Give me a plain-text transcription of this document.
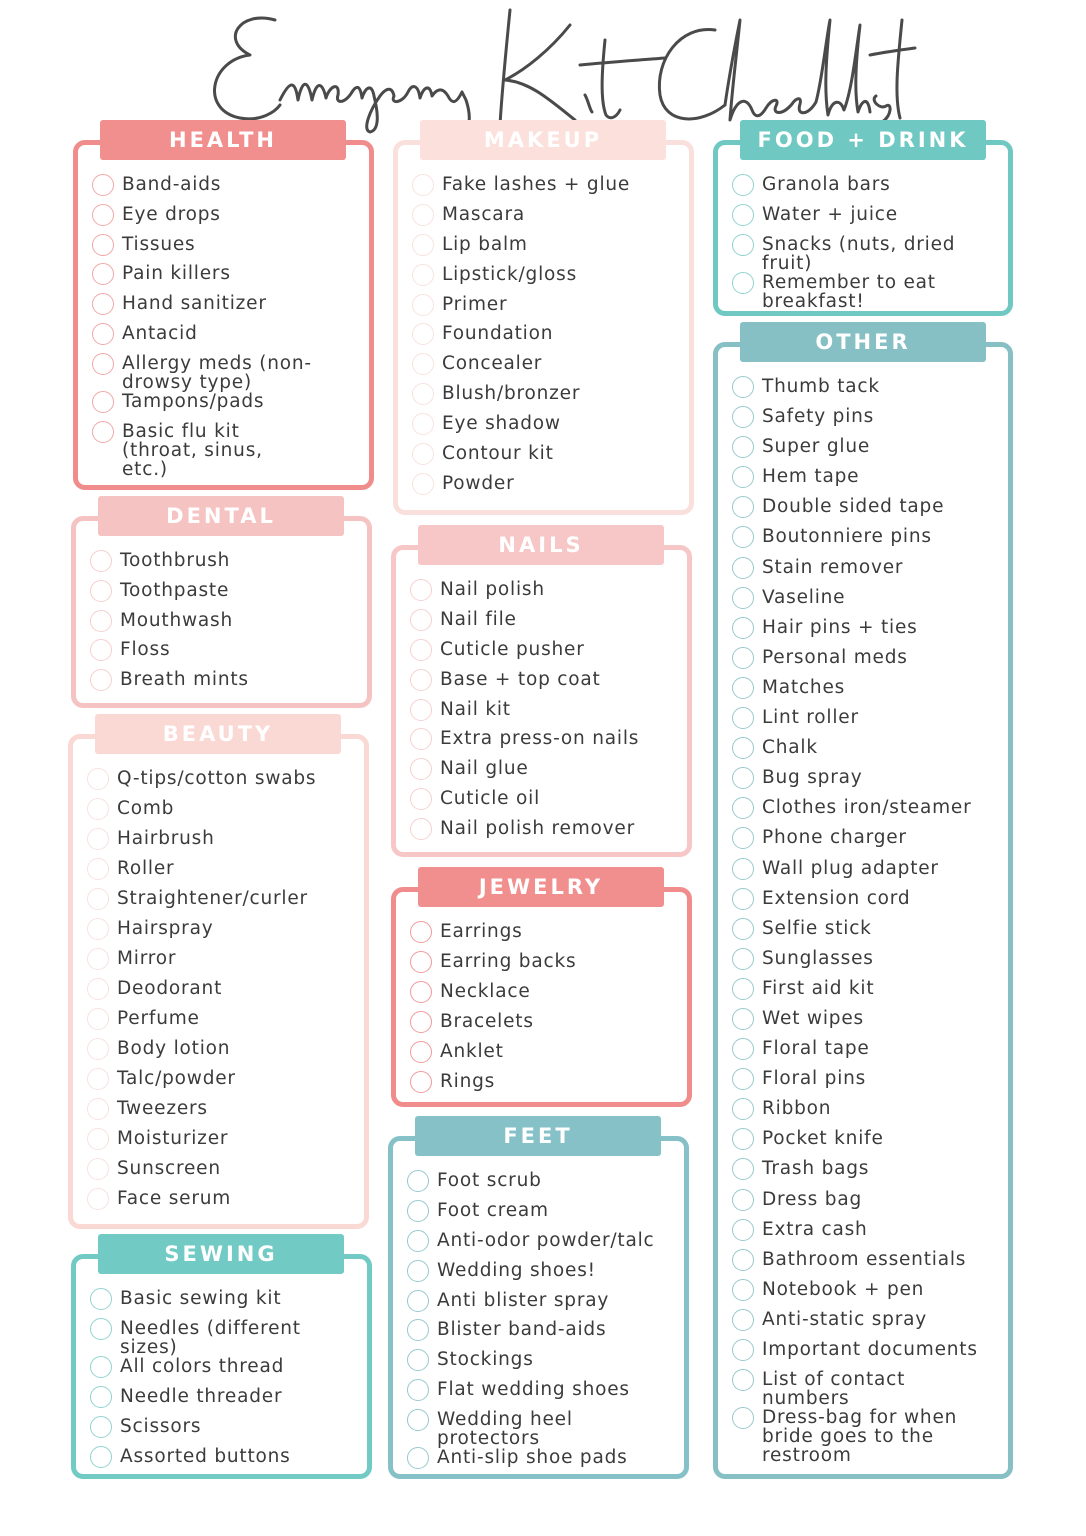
HEALTH
Band-aids
Eye drops
Tissues
Pain killers
Hand sanitizer
Antacid
Allergy meds (non-drowsy type)
Tampons/pads
Basic flu kit (throat, sinus, etc.)
MAKEUP
Fake lashes + glue
Mascara
Lip balm
Lipstick/gloss
Primer
Foundation
Concealer
Blush/bronzer
Eye shadow
Contour kit
Powder
FOOD + DRINK
Granola bars
Water + juice
Snacks (nuts, dried fruit)
Remember to eat breakfast!
DENTAL
Toothbrush
Toothpaste
Mouthwash
Floss
Breath mints
NAILS
Nail polish
Nail file
Cuticle pusher
Base + top coat
Nail kit
Extra press-on nails
Nail glue
Cuticle oil
Nail polish remover
BEAUTY
Q-tips/cotton swabs
Comb
Hairbrush
Roller
Straightener/curler
Hairspray
Mirror
Deodorant
Perfume
Body lotion
Talc/powder
Tweezers
Moisturizer
Sunscreen
Face serum
JEWELRY
Earrings
Earring backs
Necklace
Bracelets
Anklet
Rings
FEET
Foot scrub
Foot cream
Anti-odor powder/talc
Wedding shoes!
Anti blister spray
Blister band-aids
Stockings
Flat wedding shoes
Wedding heel protectors
Anti-slip shoe pads
SEWING
Basic sewing kit
Needles (different sizes)
All colors thread
Needle threader
Scissors
Assorted buttons
OTHER
Thumb tack
Safety pins
Super glue
Hem tape
Double sided tape
Boutonniere pins
Stain remover
Vaseline
Hair pins + ties
Personal meds
Matches
Lint roller
Chalk
Bug spray
Clothes iron/steamer
Phone charger
Wall plug adapter
Extension cord
Selfie stick
Sunglasses
First aid kit
Wet wipes
Floral tape
Floral pins
Ribbon
Pocket knife
Trash bags
Dress bag
Extra cash
Bathroom essentials
Notebook + pen
Anti-static spray
Important documents
List of contact numbers
Dress-bag for when bride goes to the restroom
